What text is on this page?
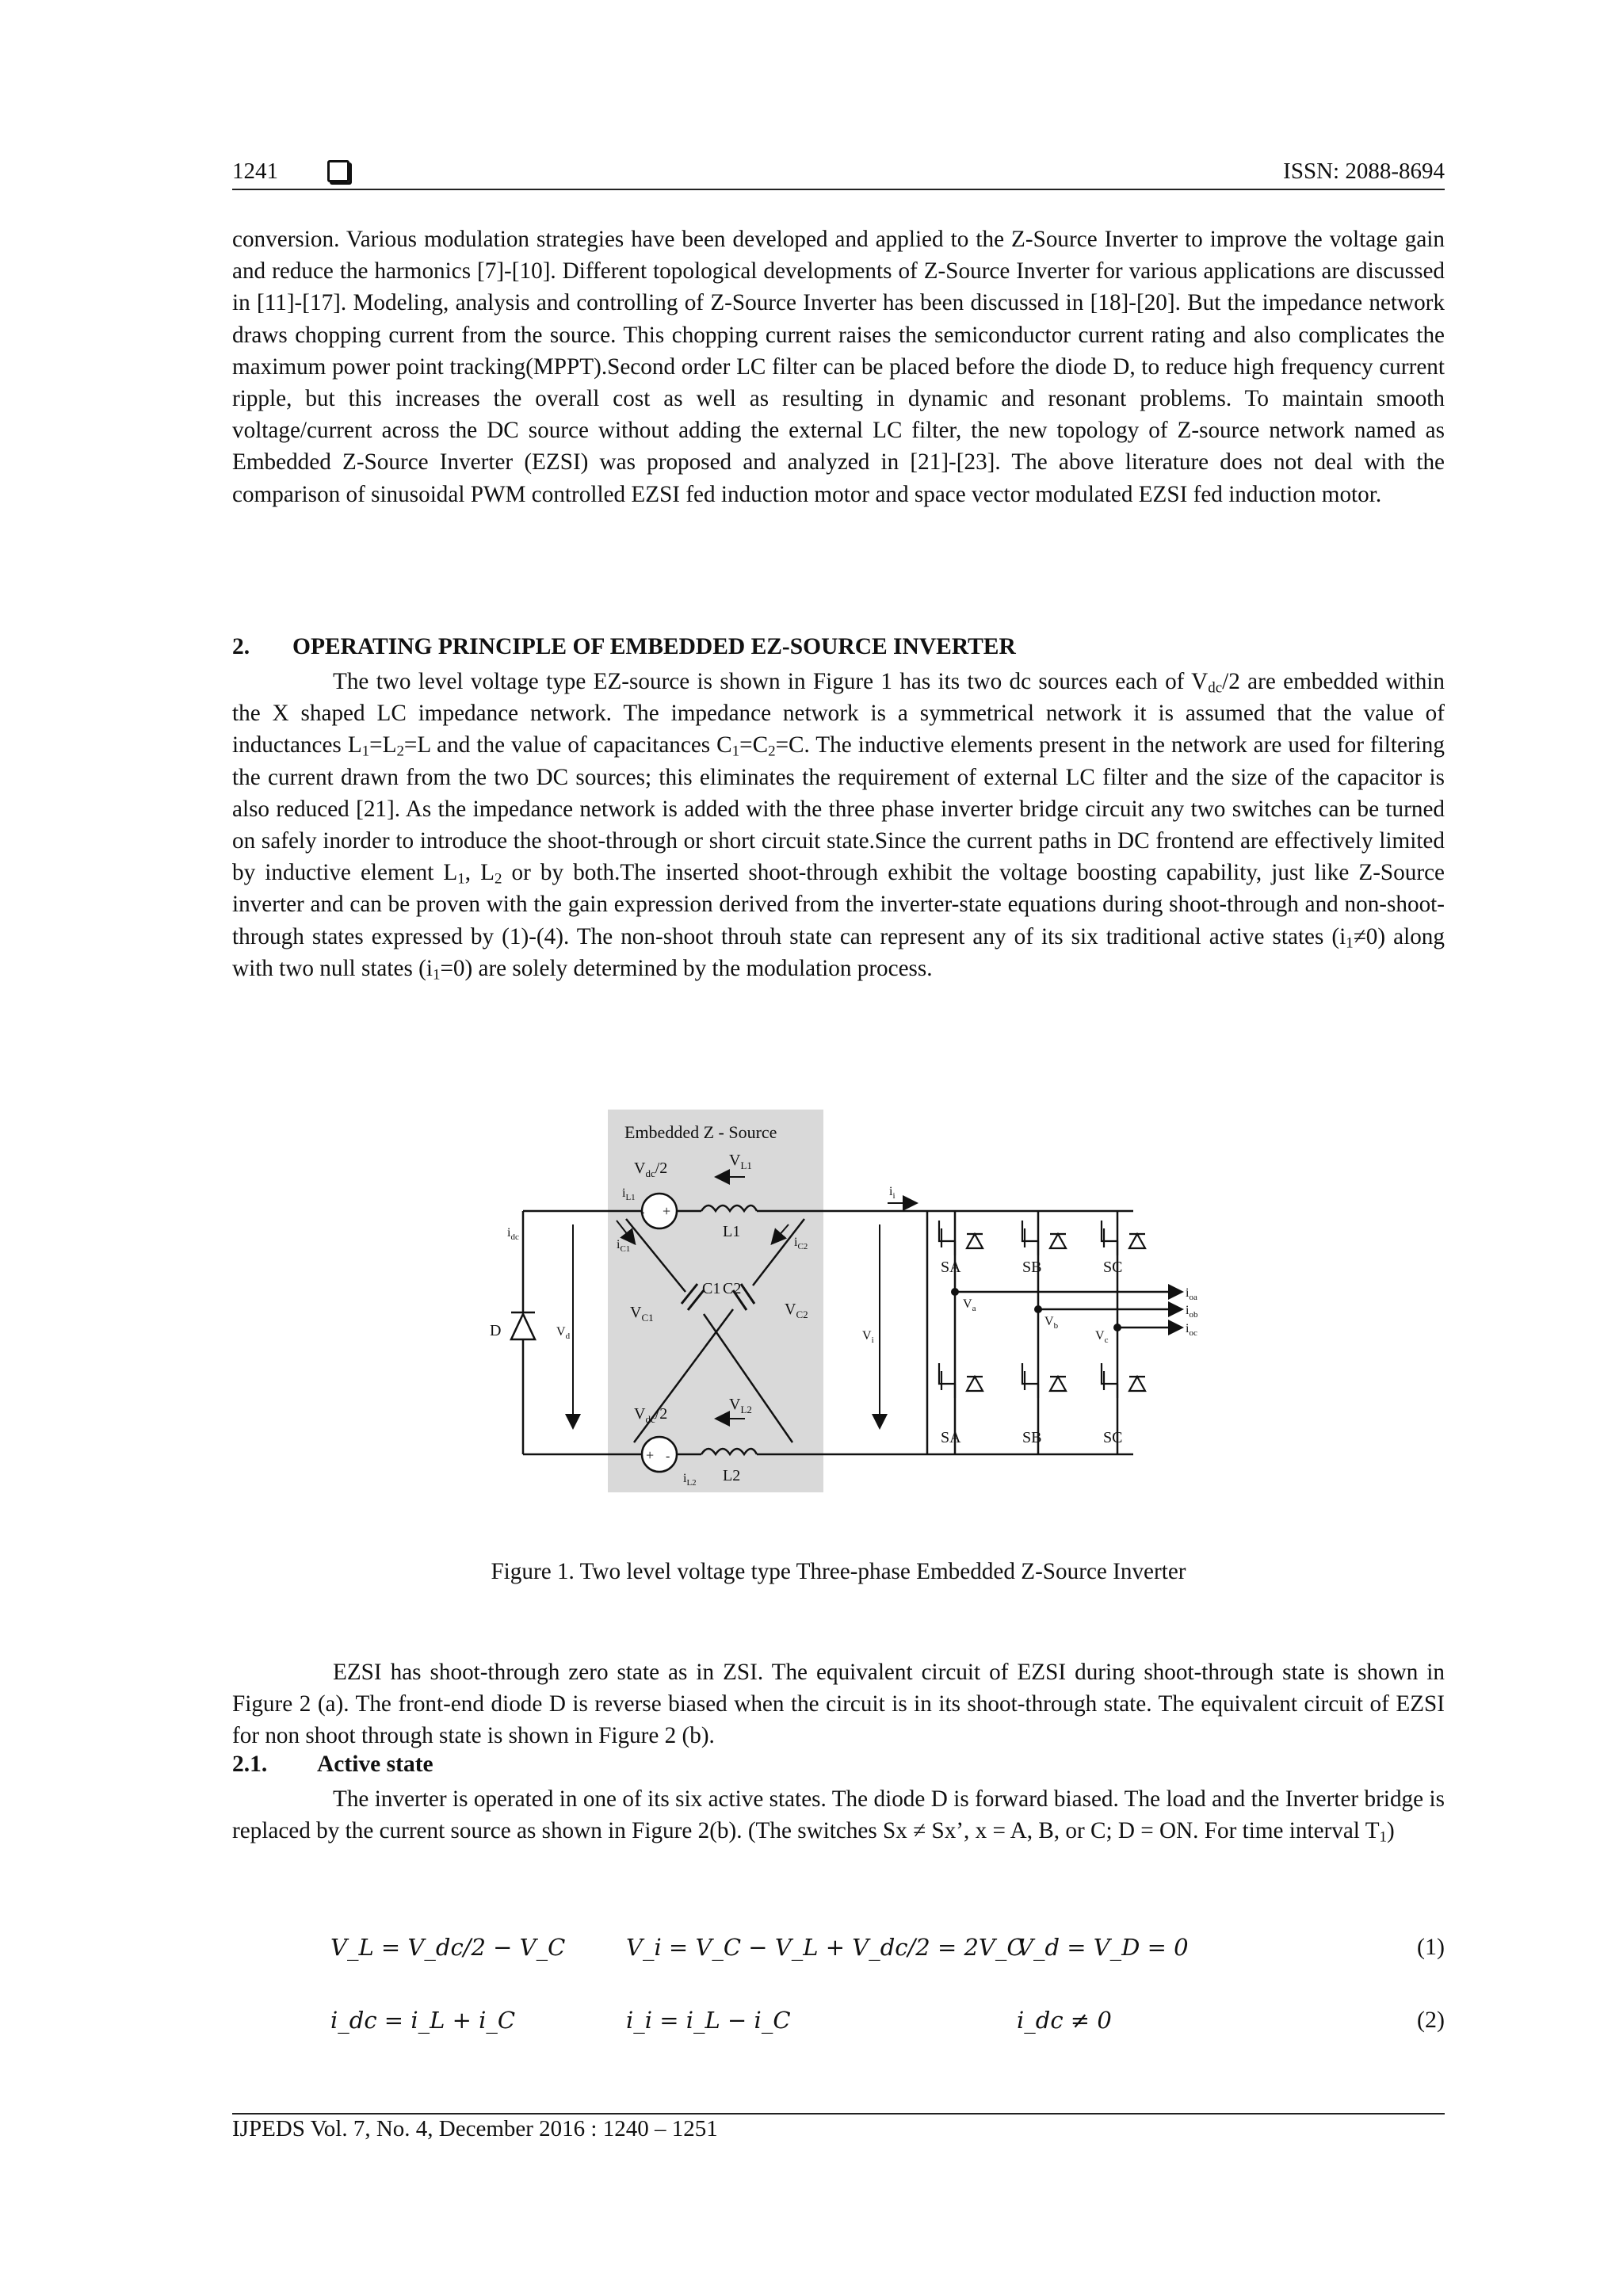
1241	ISSN: 2088-8694

conversion. Various modulation strategies have been developed and applied to the Z-Source Inverter to improve the voltage gain and reduce the harmonics [7]-[10]. Different topological developments of Z-Source Inverter for various applications are discussed in [11]-[17]. Modeling, analysis and controlling of Z-Source Inverter has been discussed in [18]-[20]. But the impedance network draws chopping current from the source. This chopping current raises the semiconductor current rating and also complicates the maximum power point tracking(MPPT).Second order LC filter can be placed before the diode D, to reduce high frequency current ripple, but this increases the overall cost as well as resulting in dynamic and resonant problems. To maintain smooth voltage/current across the DC source without adding the external LC filter, the new topology of Z-source network named as Embedded Z-Source Inverter (EZSI) was proposed and analyzed in [21]-[23]. The above literature does not deal with the comparison of sinusoidal PWM controlled EZSI fed induction motor and space vector modulated EZSI fed induction motor.

2. OPERATING PRINCIPLE OF EMBEDDED EZ-SOURCE INVERTER

The two level voltage type EZ-source is shown in Figure 1 has its two dc sources each of $V_{dc}/2$ are embedded within the X shaped LC impedance network. The impedance network is a symmetrical network it is assumed that the value of inductances $L_1=L_2=L$ and the value of capacitances $C_1=C_2=C$. The inductive elements present in the network are used for filtering the current drawn from the two DC sources; this eliminates the requirement of external LC filter and the size of the capacitor is also reduced [21]. As the impedance network is added with the three phase inverter bridge circuit any two switches can be turned on safely inorder to introduce the shoot-through or short circuit state.Since the current paths in DC frontend are effectively limited by inductive element $L_1$, $L_2$ or by both.The inserted shoot-through exhibit the voltage boosting capability, just like Z-Source inverter and can be proven with the gain expression derived from the inverter-state equations during shoot-through and non-shoot-through states expressed by (1)-(4). The non-shoot throuh state can represent any of its six traditional active states $(i_1\ne 0)$ along with two null states $(i_1=0)$ are solely determined by the modulation process.

Embedded Z - Source
$V_{dc}/2$	$V_{L1}$
$i_{L1}$
- +
L1
$i_{C1}$	$i_{C2}$
C1 C2
$V_{C1}$	$V_{C2}$
$i_{dc}$
D	$V_d$
$i_i$
$V_i$
$V_{dc}/2$
$V_{L2}$
+ -
$i_{L2}$ L2
SA	SB	SC
SA	SB	SC
$V_a$
$V_b$
$V_c$
$i_{oa}$
$i_{ob}$
$i_{oc}$
Figure 1. Two level voltage type Three-phase Embedded Z-Source Inverter

EZSI has shoot-through zero state as in ZSI. The equivalent circuit of EZSI during shoot-through state is shown in Figure 2 (a). The front-end diode D is reverse biased when the circuit is in its shoot-through state. The equivalent circuit of EZSI for non shoot through state is shown in Figure 2 (b).

2.1. Active state

The inverter is operated in one of its six active states. The diode D is forward biased. The load and the Inverter bridge is replaced by the current source as shown in Figure 2(b). (The switches Sx ≠ Sx’, x = A, B, or C; D = ON. For time interval $T_1$)

V_L = V_dc/2 − V_C	V_i = V_C − V_L + V_dc/2 = 2V_C
V_d = V_D = 0	(1)
i_dc = i_L + i_C	i_i = i_L − i_C	i_dc ≠ 0	(2)
IJPEDS Vol. 7, No. 4, December 2016 : 1240 – 1251
